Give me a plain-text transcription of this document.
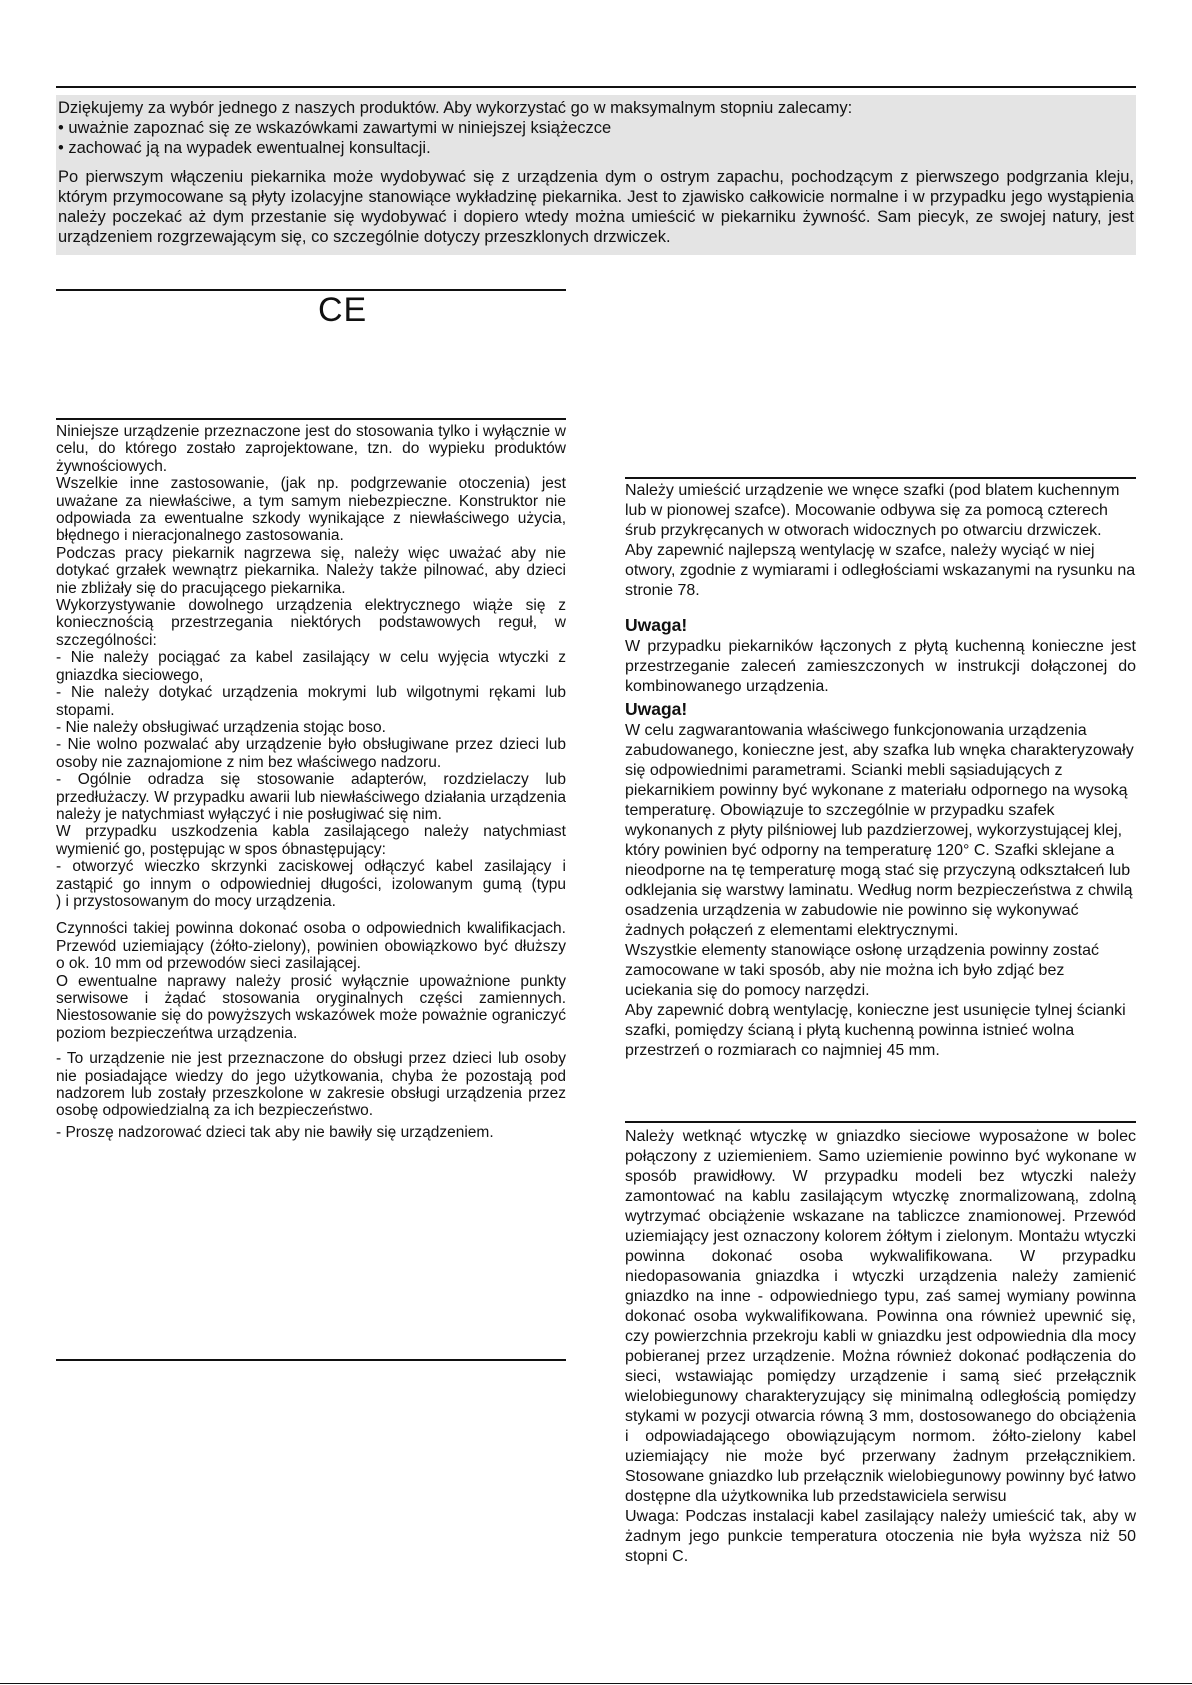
Dziękujemy za wybór jednego z naszych produktów. Aby wykorzystać go w maksymalnym stopniu zalecamy:

• uważnie zapoznać się ze wskazówkami zawartymi w niniejszej książeczce
• zachować ją na wypadek ewentualnej konsultacji.

Po pierwszym włączeniu piekarnika może wydobywać się z urządzenia dym o ostrym zapachu, pochodzącym z pierwszego podgrzania kleju, którym przymocowane są płyty izolacyjne stanowiące wykładzinę piekarnika. Jest to zjawisko całkowicie normalne i w przypadku jego wystąpienia należy poczekać aż dym przestanie się wydobywać i dopiero wtedy można umieścić w piekarniku żywność. Sam piecyk, ze swojej natury, jest urządzeniem rozgrzewającym się, co szczególnie dotyczy przeszklonych drzwiczek.

CE

Niniejsze urządzenie przeznaczone jest do stosowania tylko i wyłącznie w celu, do którego zostało zaprojektowane, tzn. do wypieku produktów żywnościowych.

Wszelkie inne zastosowanie, (jak np. podgrzewanie otoczenia) jest uważane za niewłaściwe, a tym samym niebezpieczne. Konstruktor nie odpowiada za ewentualne szkody wynikające z niewłaściwego użycia, błędnego i nieracjonalnego zastosowania.

Podczas pracy piekarnik nagrzewa się, należy więc uważać aby nie dotykać grzałek wewnątrz piekarnika. Należy także pilnować, aby dzieci nie zbliżały się do pracującego piekarnika.

Wykorzystywanie dowolnego urządzenia elektrycznego wiąże się z koniecznością przestrzegania niektórych podstawowych reguł, w szczególności:

- Nie należy pociągać za kabel zasilający w celu wyjęcia wtyczki z gniazdka sieciowego,

- Nie należy dotykać urządzenia mokrymi lub wilgotnymi rękami lub stopami.

- Nie należy obsługiwać urządzenia stojąc boso.

- Nie wolno pozwalać aby urządzenie było obsługiwane przez dzieci lub osoby nie zaznajomione z nim bez właściwego nadzoru.

- Ogólnie odradza się stosowanie adapterów, rozdzielaczy lub przedłużaczy. W przypadku awarii lub niewłaściwego działania urządzenia należy je natychmiast wyłączyć i nie posługiwać się nim.

W przypadku uszkodzenia kabla zasilającego należy natychmiast wymienić go, postępując w spos óbnastępujący:

- otworzyć wieczko skrzynki zaciskowej odłączyć kabel zasilający i zastąpić go innym o odpowiedniej długości, izolowanym gumą (typu               ) i przystosowanym do mocy urządzenia.

Czynności takiej powinna dokonać osoba o odpowiednich kwalifikacjach. Przewód uziemiający (żółto-zielony), powinien obowiązkowo być dłuższy o ok. 10 mm od przewodów sieci zasilającej.

O ewentualne naprawy należy prosić wyłącznie upoważnione punkty serwisowe i żądać stosowania oryginalnych części zamiennych. Niestosowanie się do powyższych wskazówek może poważnie ograniczyć poziom bezpieczeńtwa urządzenia.

- To urządzenie nie jest przeznaczone do obsługi przez dzieci lub osoby nie posiadające wiedzy do jego użytkowania, chyba że pozostają pod nadzorem lub zostały przeszkolone w zakresie obsługi urządzenia przez osobę odpowiedzialną za ich bezpieczeństwo.

- Proszę nadzorować dzieci tak aby nie bawiły się urządzeniem.

Należy umieścić urządzenie we wnęce szafki (pod blatem kuchennym lub w pionowej szafce). Mocowanie odbywa się za pomocą czterech śrub przykręcanych w otworach widocznych po otwarciu drzwiczek.

Aby zapewnić najlepszą wentylację w szafce, należy wyciąć w niej otwory, zgodnie z wymiarami i odległościami wskazanymi na rysunku na stronie 78.

Uwaga!

W przypadku piekarników łączonych z płytą kuchenną konieczne jest przestrzeganie zaleceń zamieszczonych w instrukcji dołączonej do kombinowanego urządzenia.

Uwaga!

W celu zagwarantowania właściwego funkcjonowania urządzenia zabudowanego, konieczne jest, aby szafka lub wnęka charakteryzowały się odpowiednimi parametrami. Scianki mebli sąsiadujących z piekarnikiem powinny być wykonane z materiału odpornego na wysoką temperaturę. Obowiązuje to szczególnie w przypadku szafek wykonanych z płyty pilśniowej lub pazdzierzowej, wykorzystującej klej, który powinien być odporny na temperaturę 120° C. Szafki sklejane a nieodporne na tę temperaturę mogą stać się przyczyną odkształceń lub odklejania się warstwy laminatu. Według norm bezpieczeństwa z chwilą osadzenia urządzenia w zabudowie nie powinno się wykonywać żadnych połączeń z elementami elektrycznymi.

Wszystkie elementy stanowiące osłonę urządzenia powinny zostać zamocowane w taki sposób, aby nie można ich było zdjąć bez uciekania się do pomocy narzędzi.

Aby zapewnić dobrą wentylację, konieczne jest usunięcie tylnej ścianki szafki, pomiędzy ścianą i płytą kuchenną powinna istnieć wolna przestrzeń o rozmiarach co najmniej 45 mm.

Należy wetknąć wtyczkę w gniazdko sieciowe wyposażone w bolec połączony z uziemieniem. Samo uziemienie powinno być wykonane w sposób prawidłowy. W przypadku modeli bez wtyczki należy zamontować na kablu zasilającym wtyczkę znormalizowaną, zdolną wytrzymać obciążenie wskazane na tabliczce znamionowej. Przewód uziemiający jest oznaczony kolorem żółtym i zielonym. Montażu wtyczki powinna dokonać osoba wykwalifikowana. W przypadku niedopasowania gniazdka i wtyczki urządzenia należy zamienić gniazdko na inne - odpowiedniego typu, zaś samej wymiany powinna dokonać osoba wykwalifikowana. Powinna ona również upewnić się, czy powierzchnia przekroju kabli w gniazdku jest odpowiednia dla mocy pobieranej przez urządzenie. Można również dokonać podłączenia do sieci, wstawiając pomiędzy urządzenie i samą sieć przełącznik wielobiegunowy charakteryzujący się minimalną odległością pomiędzy stykami w pozycji otwarcia równą 3 mm, dostosowanego do obciążenia i odpowiadającego obowiązującym normom. żółto-zielony kabel uziemiający nie może być przerwany żadnym przełącznikiem. Stosowane gniazdko lub przełącznik wielobiegunowy powinny być łatwo dostępne dla użytkownika lub przedstawiciela serwisu

Uwaga: Podczas instalacji kabel zasilający należy umieścić tak, aby w żadnym jego punkcie temperatura otoczenia nie była wyższa niż 50 stopni C.
